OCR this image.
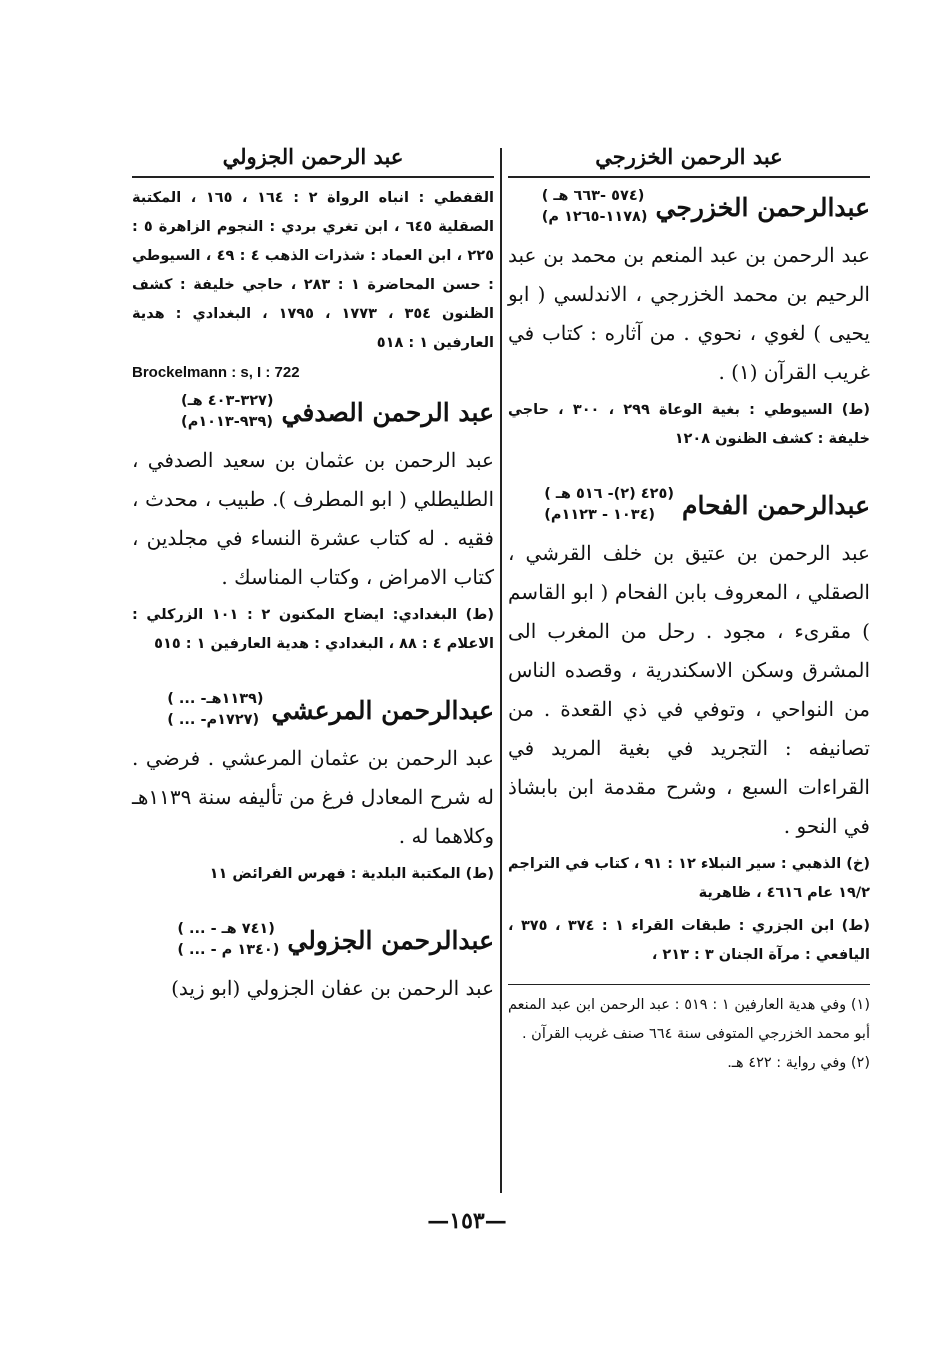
عبد الرحمن الخزرجي
عبدالرحمن الخزرجي
( ٥٧٤ -٦٦٣ هـ)
(١١٧٨-١٢٦٥ م)
عبد الرحمن بن عبد المنعم بن محمد بن عبد الرحيم بن محمد الخزرجي ، الاندلسي ( ابو يحيى ) لغوي ، نحوي . من آثاره : كتاب في غريب القرآن (١) .
(ط) السيوطي : بغية الوعاة ٢٩٩ ، ٣٠٠ ، حاجي خليفة : كشف الظنون ١٢٠٨
عبدالرحمن الفحام
( ٤٢٥ (٢)- ٥١٦ هـ)
(١٠٣٤ - ١١٢٣م)
عبد الرحمن بن عتيق بن خلف القرشي ، الصقلي ، المعروف بابن الفحام ( ابو القاسم ) مقرىء ، مجود . رحل من المغرب الى المشرق وسكن الاسكندرية ، وقصده الناس من النواحي ، وتوفي في ذي القعدة . من تصانيفه : التجريد في بغية المريد في القراءات السبع ، وشرح مقدمة ابن بابشاذ في النحو .
(خ) الذهبي : سير النبلاء ١٢ : ٩١ ، كتاب في التراجم ١٩/٢ عام ٤٦١٦ ، ظاهرية
(ط) ابن الجزري : طبقات القراء ١ : ٣٧٤ ، ٣٧٥ ، اليافعي : مرآة الجنان ٣ : ٢١٣ ،
(١) وفي هدية العارفين ١ : ٥١٩ : عبد الرحمن ابن عبد المنعم أبو محمد الخزرجي المتوفى سنة ٦٦٤ صنف غريب القرآن .
(٢) وفي رواية : ٤٢٢ هـ.
عبد الرحمن الجزولي
القفطي : انباه الرواة ٢ : ١٦٤ ، ١٦٥ ، المكتبة الصقلية ٦٤٥ ، ابن تغري بردي : النجوم الزاهرة ٥ : ٢٢٥ ، ابن العماد : شذرات الذهب ٤ : ٤٩ ، السيوطي : حسن المحاضرة ١ : ٢٨٣ ، حاجي خليفة : كشف الظنون ٣٥٤ ، ١٧٧٣ ، ١٧٩٥ ، البغدادي : هدية العارفين ١ : ٥١٨
Brockelmann : s, I : 722
عبد الرحمن الصدفي
(٣٢٧-٤٠٣ هـ)
(٩٣٩-١٠١٣م)
عبد الرحمن بن عثمان بن سعيد الصدفي ، الطليطلي ( ابو المطرف ). طبيب ، محدث ، فقيه . له كتاب عشرة النساء في مجلدين ، كتاب الامراض ، وكتاب المناسك .
(ط) البغدادي: ايضاح المكنون ٢ : ١٠١ الزركلي : الاعلام ٤ : ٨٨ ، البغدادي : هدية العارفين ١ : ٥١٥
عبدالرحمن المرعشي
( ... -١١٣٩هـ)
( ... -١٧٢٧م)
عبد الرحمن بن عثمان المرعشي . فرضي . له شرح المعادل فرغ من تأليفه سنة ١١٣٩هـ وكلاهما له .
(ط) المكتبة البلدية : فهرس الفرائض ١١
عبدالرحمن الجزولي
( ... - ٧٤١ هـ)
( ... - ١٣٤٠ م)
عبد الرحمن بن عفان الجزولي (ابو زيد)
—١٥٣—
